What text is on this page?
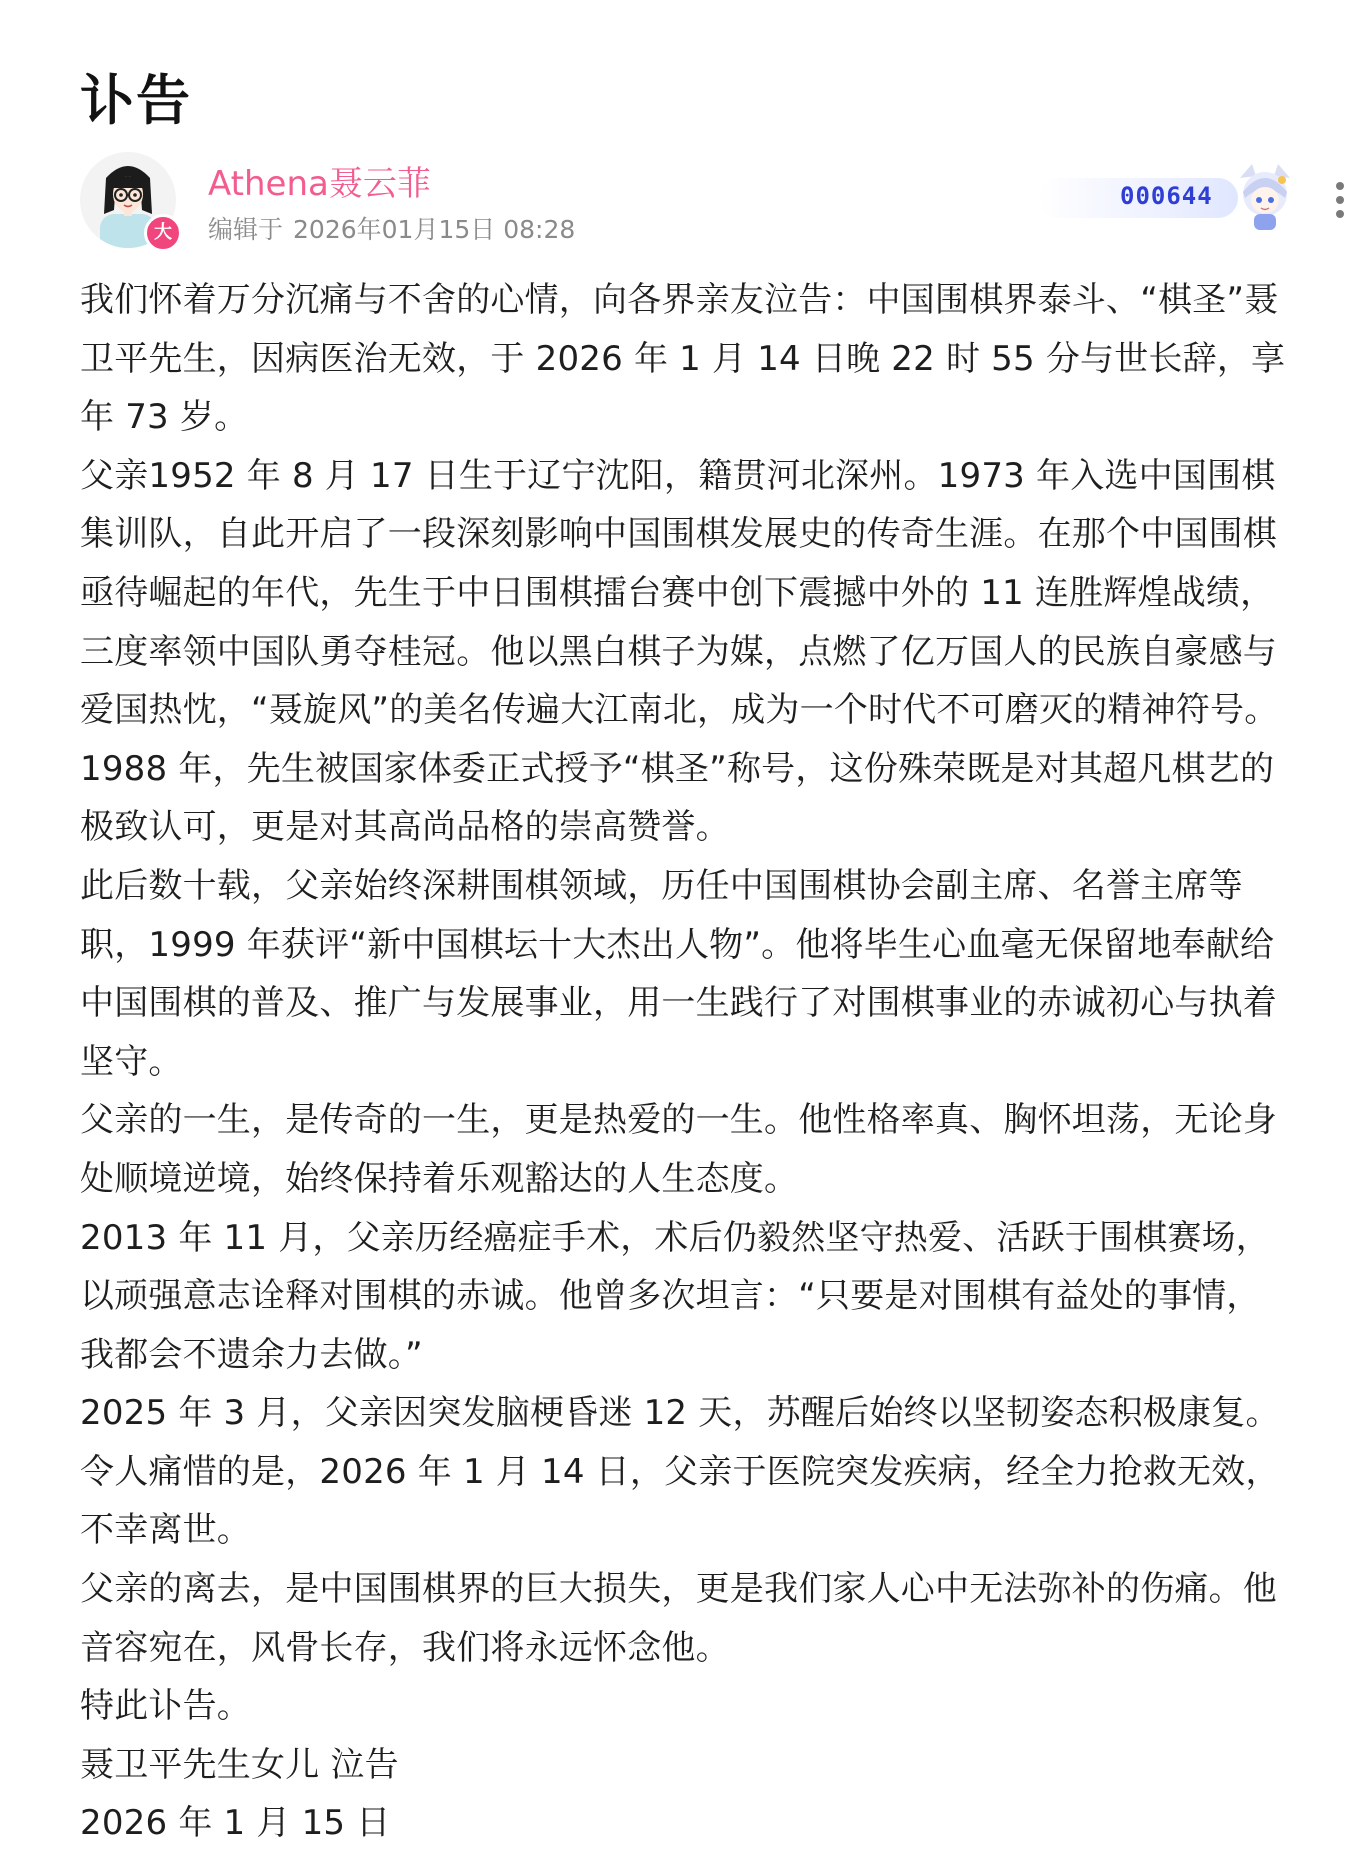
讣告
大
Athena聂云菲
编辑于 2026年01月15日 08:28
000644

我们怀着万分沉痛与不舍的心情，向各界亲友泣告：中国围棋界泰斗、“棋圣”聂卫平先生，因病医治无效，于 2026 年 1 月 14 日晚 22 时 55 分与世长辞，享年 73 岁。

父亲1952 年 8 月 17 日生于辽宁沈阳，籍贯河北深州。1973 年入选中国围棋集训队，自此开启了一段深刻影响中国围棋发展史的传奇生涯。在那个中国围棋亟待崛起的年代，先生于中日围棋擂台赛中创下震撼中外的 11 连胜辉煌战绩，三度率领中国队勇夺桂冠。他以黑白棋子为媒，点燃了亿万国人的民族自豪感与爱国热忱，“聂旋风”的美名传遍大江南北，成为一个时代不可磨灭的精神符号。1988 年，先生被国家体委正式授予“棋圣”称号，这份殊荣既是对其超凡棋艺的极致认可，更是对其高尚品格的崇高赞誉。

此后数十载，父亲始终深耕围棋领域，历任中国围棋协会副主席、名誉主席等职，1999 年获评“新中国棋坛十大杰出人物”。他将毕生心血毫无保留地奉献给中国围棋的普及、推广与发展事业，用一生践行了对围棋事业的赤诚初心与执着坚守。

父亲的一生，是传奇的一生，更是热爱的一生。他性格率真、胸怀坦荡，无论身处顺境逆境，始终保持着乐观豁达的人生态度。

2013 年 11 月，父亲历经癌症手术，术后仍毅然坚守热爱、活跃于围棋赛场，以顽强意志诠释对围棋的赤诚。他曾多次坦言：“只要是对围棋有益处的事情，我都会不遗余力去做。”

2025 年 3 月，父亲因突发脑梗昏迷 12 天，苏醒后始终以坚韧姿态积极康复。令人痛惜的是，2026 年 1 月 14 日，父亲于医院突发疾病，经全力抢救无效，不幸离世。

父亲的离去，是中国围棋界的巨大损失，更是我们家人心中无法弥补的伤痛。他音容宛在，风骨长存，我们将永远怀念他。

特此讣告。

聂卫平先生女儿 泣告

2026 年 1 月 15 日
